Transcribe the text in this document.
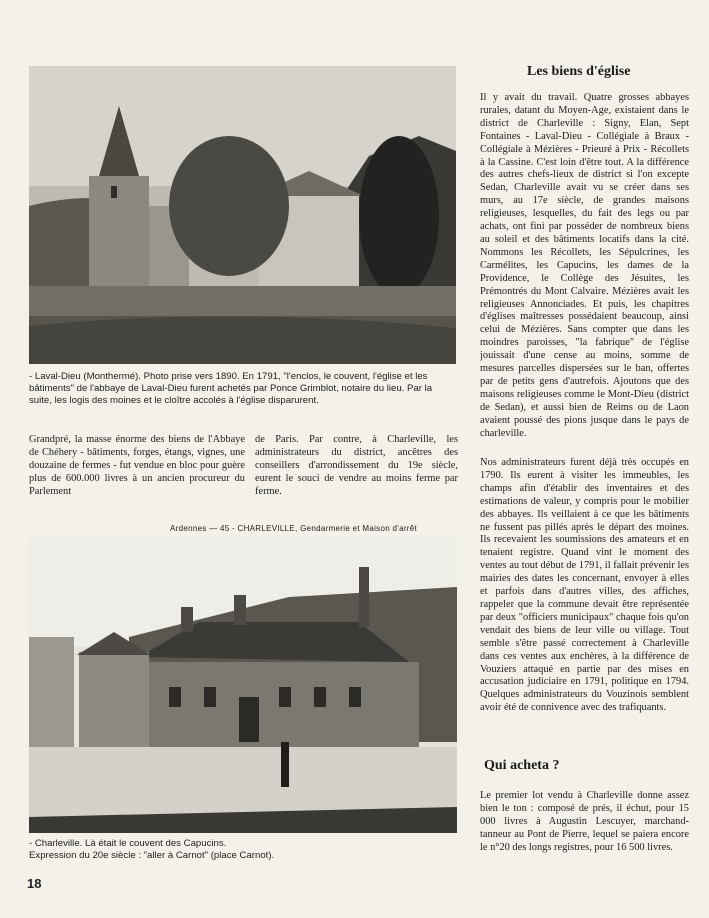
- Laval-Dieu (Monthermé). Photo prise vers 1890. En 1791, "l'enclos, le couvent, l'église et les bâtiments" de l'abbaye de Laval-Dieu furent achetés par Ponce Grimblot, notaire du lieu. Par la suite, les logis des moines et le cloître accolés à l'église disparurent.
Grandpré, la masse énorme des biens de l'Abbaye de Chéhery - bâtiments, forges, étangs, vignes, une douzaine de fermes - fut vendue en bloc pour guère plus de 600.000 livres à un ancien procureur du Parlement
de Paris. Par contre, à Charleville, les administrateurs du district, ancêtres des conseillers d'arrondissement du 19e siècle, eurent le souci de vendre au moins ferme par ferme.
Ardennes — 45 - CHARLEVILLE, Gendarmerie et Maison d'arrêt
- Charleville. Là était le couvent des Capucins.
Expression du 20e siècle : "aller à Carnot" (place Carnot).
Les biens d'église
Il y avait du travail. Quatre grosses abbayes rurales, datant du Moyen-Age, existaient dans le district de Charleville : Signy, Elan, Sept Fontaines - Laval-Dieu - Collégiale à Braux - Collégiale à Mézières - Prieuré à Prix - Récollets à la Cassine. C'est loin d'être tout. A la différence des autres chefs-lieux de district si l'on excepte Sedan, Charleville avait vu se créer dans ses murs, au 17e siècle, de grandes maisons religieuses, lesquelles, du fait des legs ou par achats, ont fini par posséder de nombreux biens au soleil et des bâtiments locatifs dans la cité. Nommons les Récollets, les Sépulcrines, les Carmélites, les Capucins, les dames de la Providence, le Collège des Jésuites, les Prémontrés du Mont Calvaire. Mézières avait les religieuses Annonciades. Et puis, les chapitres d'églises maîtresses possédaient beaucoup, ainsi celui de Mézières. Sans compter que dans les moindres paroisses, "la fabrique" de l'église jouissait d'une cense au moins, somme de mesures parcelles dispersées sur le ban, offertes par de petits gens d'autrefois. Ajoutons que des maisons religieuses comme le Mont-Dieu (district de Sedan), et aussi bien de Reims ou de Laon avaient poussé des pions jusque dans le pays de charleville.
Nos administrateurs furent déjà très occupés en 1790. Ils eurent à visiter les immeubles, les champs afin d'établir des inventaires et des estimations de valeur, y compris pour le mobilier des abbayes. Ils veillaient à ce que les bâtiments ne fussent pas pillés après le départ des moines. Ils recevaient les soumissions des amateurs et en tenaient registre. Quand vint le moment des ventes au tout début de 1791, il fallait prévenir les mairies des dates les concernant, envoyer à elles et parfois dans d'autres villes, des affiches, rappeler que la commune devait être représentée par deux "officiers municipaux" chaque fois qu'on vendait des biens de leur ville ou village. Tout semble s'être passé correctement à Charleville dans ces ventes aux enchères, à la différence de Vouziers attaqué en partie par des mises en accusation judiciaire en 1791, politique en 1794. Quelques administrateurs du Vouzinois semblent avoir été de connivence avec des trafiquants.
Qui acheta ?
Le premier lot vendu à Charleville donne assez bien le ton : composé de prés, il échut, pour 15 000 livres à Augustin Lescuyer, marchand-tanneur au Pont de Pierre, lequel se paiera encore le n°20 des longs registres, pour 16 500 livres.
18
